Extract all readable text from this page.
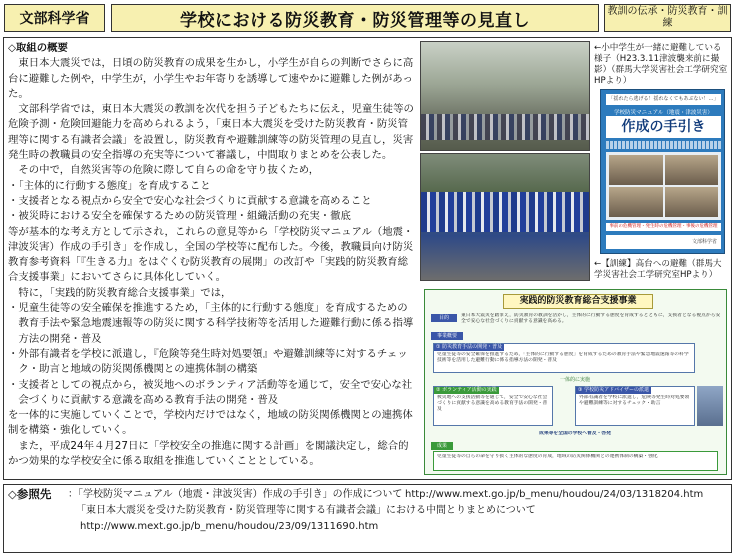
文部科学省	学校における防災教育・防災管理等の見直し	教訓の伝承・防災教育・訓練

◇取組の概要

東日本大震災では，日頃の防災教育の成果を生かし，小学生が自らの判断でさらに高台に避難した例や，中学生が，小学生やお年寄りを誘導して速やかに避難した例があった。

文部科学省では，東日本大震災の教訓を次代を担う子どもたちに伝え，児童生徒等の危険予測・危険回避能力を高められるよう，「東日本大震災を受けた防災教育・防災管理等に関する有識者会議」を設置し，防災教育や避難訓練等の防災管理の見直し，災害発生時の教職員の安全指導の充実等について審議し，中間取りまとめを公表した。

その中で，自然災害等の危険に際して自らの命を守り抜くため，

・「主体的に行動する態度」を育成すること

・支援者となる視点から安全で安心な社会づくりに貢献する意識を高めること

・被災時における安全を確保するための防災管理・組織活動の充実・徹底

等が基本的な考え方として示され，これらの意見等から「学校防災マニュアル（地震・津波災害）作成の手引き」を作成し，全国の学校等に配布した。今後，教職員向け防災教育参考資料「『生きる力』をはぐくむ防災教育の展開」の改訂や「実践的防災教育総合支援事業」においてさらに具体化していく。

特に，「実践的防災教育総合支援事業」では，

・児童生徒等の安全確保を推進するため，「主体的に行動する態度」を育成するための教育手法や緊急地震速報等の防災に関する科学技術等を活用した避難行動に係る指導方法の開発・普及

・外部有識者を学校に派遣し，『危険等発生時対処要領』や避難訓練等に対するチェック・助言と地域の防災関係機関との連携体制の構築

・支援者としての視点から，被災地へのボランティア活動等を通じて，安全で安心な社会づくりに貢献する意識を高める教育手法の開発・普及

を一体的に実施していくことで，学校内だけではなく，地域の防災関係機関との連携体制を構築・強化していく。

また，平成24年４月27日に「学校安全の推進に関する計画」を閣議決定し，総合的かつ効果的な学校安全に係る取組を推進していくこととしている。

←小中学生が一緒に避難している様子（H23.3.11津波襲来前に撮影）（群馬大学災害社会工学研究室HPより）
「揺れたら逃げる！揺れなくてもあぶない！…」
学校防災マニュアル（地震・津波災害）
作成の手引き
事前の危機管理・発生時の危機管理・事後の危機管理
文部科学省
←【訓練】高台への避難（群馬大学災害社会工学研究室HPより）
実践的防災教育総合支援事業
目的	東日本大震災を踏まえ，防災教育の教訓を活かし，主体的に行動する態度を育成するとともに，支援者となる視点から安全で安心な社会づくりに貢献する意識を高める。
事業概要
① 防災教育手法の開発・普及
児童生徒等の安全確保を推進するため，「主体的に行動する態度」を育成するための教育手法や緊急地震速報等の科学技術等を活用した避難行動に係る指導方法の開発・普及
一体的に実施
② ボランティア活動の実践
被災地への支援活動等を通じて，安全で安心な社会づくりに貢献する意識を高める教育手法の開発・普及
③ 学校防災アドバイザーの派遣
外部有識者を学校に派遣し，危険等発生時対処要領や避難訓練等に対するチェック・助言
成果等を全国の学校へ普及・啓発
成果
児童生徒等の自らの命を守り抜く主体的な態度の育成，地域の防災関係機関との連携体制の構築・強化
◇参照先 ：「学校防災マニュアル（地震・津波災害）作成の手引き」の作成について http://www.mext.go.jp/b_menu/houdou/24/03/1318204.htm
「東日本大震災を受けた防災教育・防災管理等に関する有識者会議」における中間とりまとめについて
http://www.mext.go.jp/b_menu/houdou/23/09/1311690.htm
